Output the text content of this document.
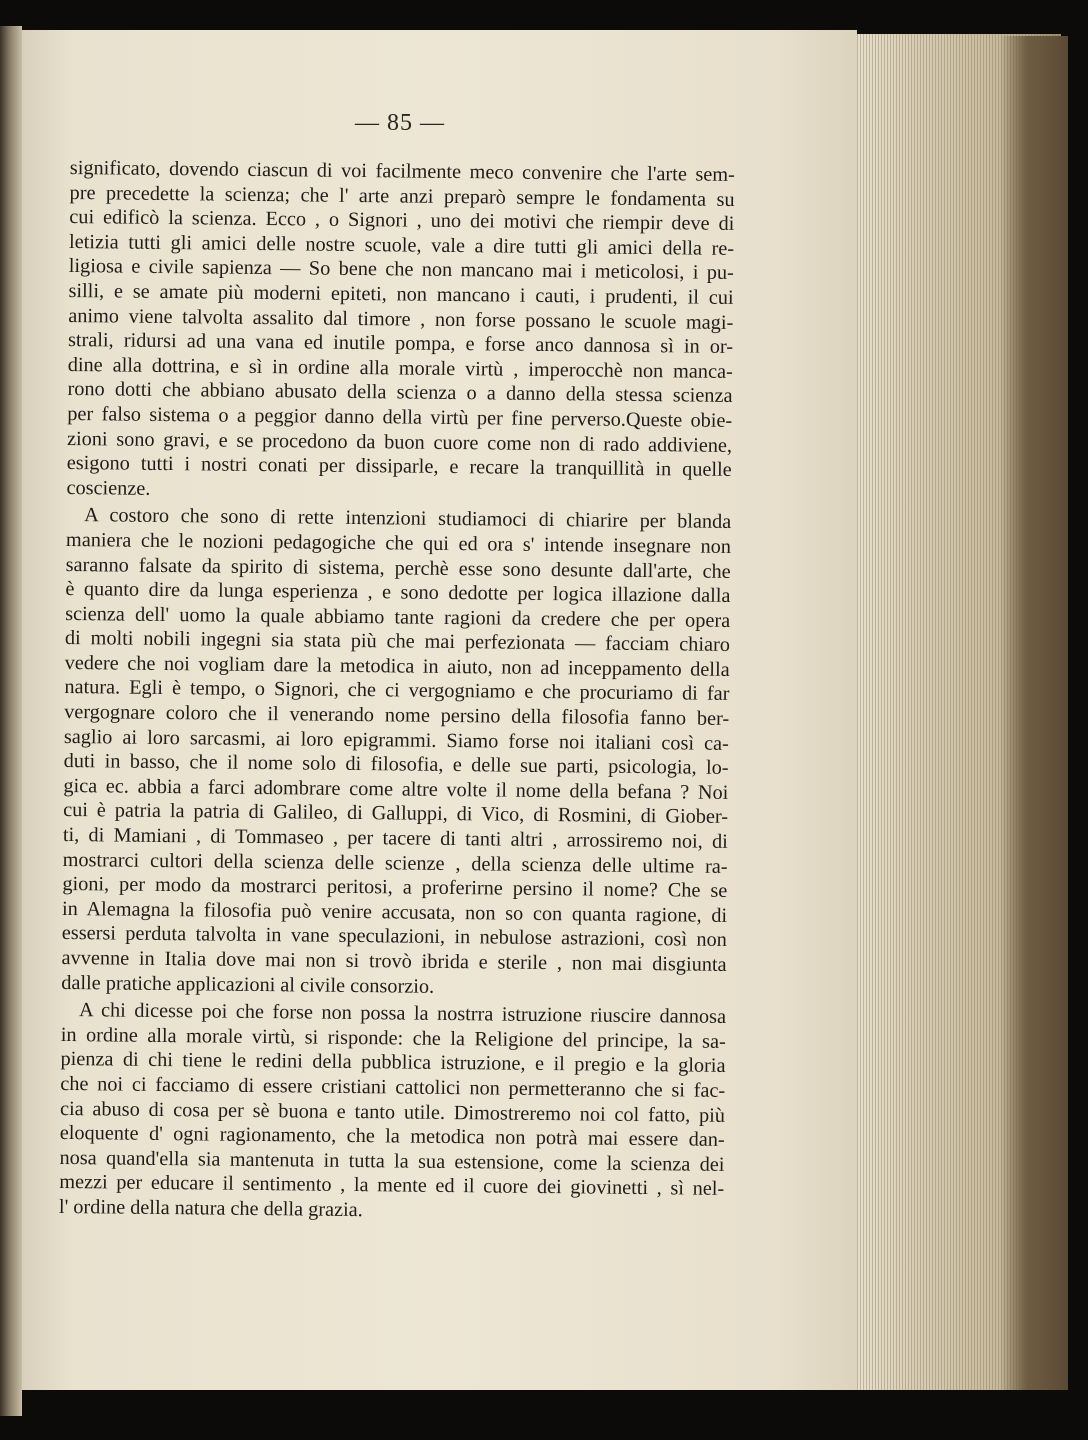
— 85 —

significato, dovendo ciascun di voi facilmente meco convenire che l'arte sem-

pre precedette la scienza; che l' arte anzi preparò sempre le fondamenta su

cui edificò la scienza. Ecco , o Signori , uno dei motivi che riempir deve di

letizia tutti gli amici delle nostre scuole, vale a dire tutti gli amici della re-

ligiosa e civile sapienza — So bene che non mancano mai i meticolosi, i pu-

silli, e se amate più moderni epiteti, non mancano i cauti, i prudenti, il cui

animo viene talvolta assalito dal timore , non forse possano le scuole magi-

strali, ridursi ad una vana ed inutile pompa, e forse anco dannosa sì in or-

dine alla dottrina, e sì in ordine alla morale virtù , imperocchè non manca-

rono dotti che abbiano abusato della scienza o a danno della stessa scienza

per falso sistema o a peggior danno della virtù per fine perverso.Queste obie-

zioni sono gravi, e se procedono da buon cuore come non di rado addiviene,

esigono tutti i nostri conati per dissiparle, e recare la tranquillità in quelle

coscienze.

A costoro che sono di rette intenzioni studiamoci di chiarire per blanda

maniera che le nozioni pedagogiche che qui ed ora s' intende insegnare non

saranno falsate da spirito di sistema, perchè esse sono desunte dall'arte, che

è quanto dire da lunga esperienza , e sono dedotte per logica illazione dalla

scienza dell' uomo la quale abbiamo tante ragioni da credere che per opera

di molti nobili ingegni sia stata più che mai perfezionata — facciam chiaro

vedere che noi vogliam dare la metodica in aiuto, non ad inceppamento della

natura. Egli è tempo, o Signori, che ci vergogniamo e che procuriamo di far

vergognare coloro che il venerando nome persino della filosofia fanno ber-

saglio ai loro sarcasmi, ai loro epigrammi. Siamo forse noi italiani così ca-

duti in basso, che il nome solo di filosofia, e delle sue parti, psicologia, lo-

gica ec. abbia a farci adombrare come altre volte il nome della befana ? Noi

cui è patria la patria di Galileo, di Galluppi, di Vico, di Rosmini, di Giober-

ti, di Mamiani , di Tommaseo , per tacere di tanti altri , arrossiremo noi, di

mostrarci cultori della scienza delle scienze , della scienza delle ultime ra-

gioni, per modo da mostrarci peritosi, a proferirne persino il nome? Che se

in Alemagna la filosofia può venire accusata, non so con quanta ragione, di

essersi perduta talvolta in vane speculazioni, in nebulose astrazioni, così non

avvenne in Italia dove mai non si trovò ibrida e sterile , non mai disgiunta

dalle pratiche applicazioni al civile consorzio.

A chi dicesse poi che forse non possa la nostrra istruzione riuscire dannosa

in ordine alla morale virtù, si risponde: che la Religione del principe, la sa-

pienza di chi tiene le redini della pubblica istruzione, e il pregio e la gloria

che noi ci facciamo di essere cristiani cattolici non permetteranno che si fac-

cia abuso di cosa per sè buona e tanto utile. Dimostreremo noi col fatto, più

eloquente d' ogni ragionamento, che la metodica non potrà mai essere dan-

nosa quand'ella sia mantenuta in tutta la sua estensione, come la scienza dei

mezzi per educare il sentimento , la mente ed il cuore dei giovinetti , sì nel-

l' ordine della natura che della grazia.
